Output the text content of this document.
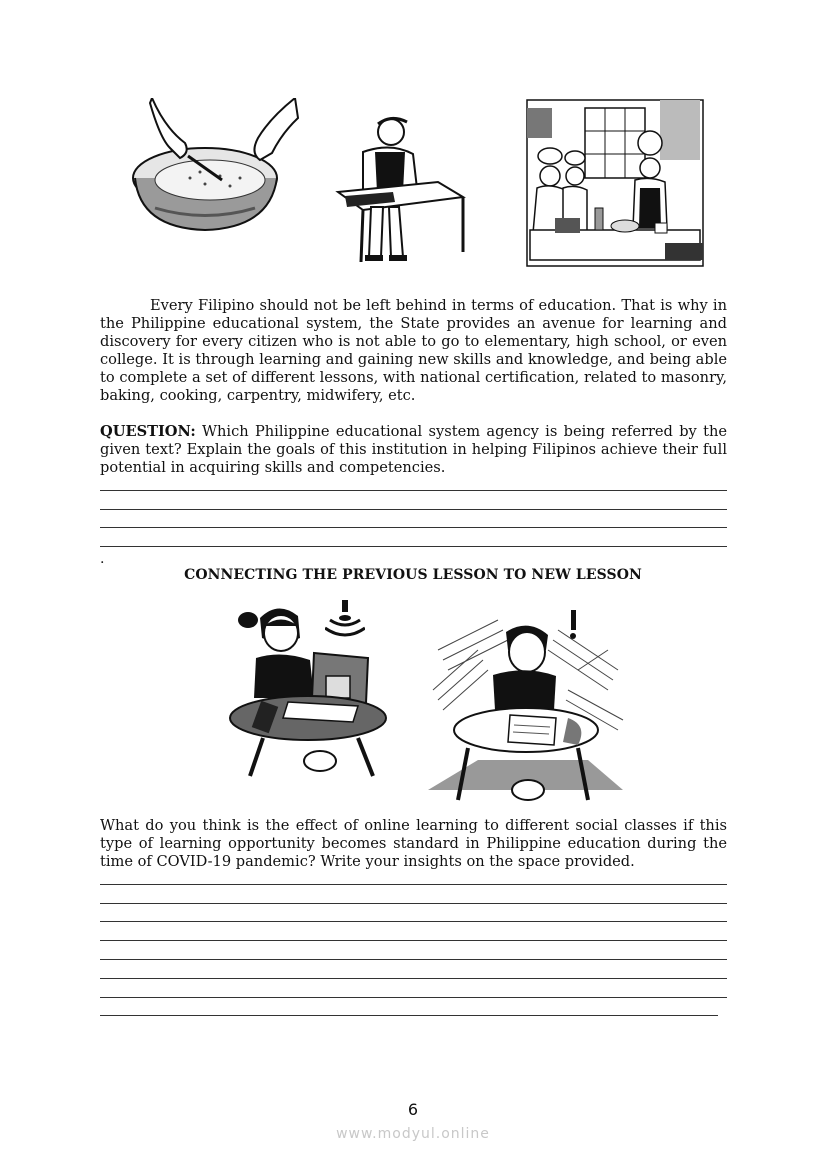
Every Filipino should not be left behind in terms of education. That is why in the Philippine educational system, the State provides an avenue for learning and discovery for every citizen who is not able to go to elementary, high school, or even college. It is through learning and gaining new skills and knowledge, and being able to complete a set of different lessons, with national certification, related to masonry, baking, cooking, carpentry, midwifery, etc.

QUESTION: Which Philippine educational system agency is being referred by the given text? Explain the goals of this institution in helping Filipinos achieve their full potential in acquiring skills and competencies.

.
CONNECTING THE PREVIOUS LESSON TO NEW LESSON

What do you think is the effect of online learning to different social classes if this type of learning opportunity becomes standard in Philippine education during the time of COVID-19 pandemic? Write your insights on the space provided.

6
www.modyul.online
